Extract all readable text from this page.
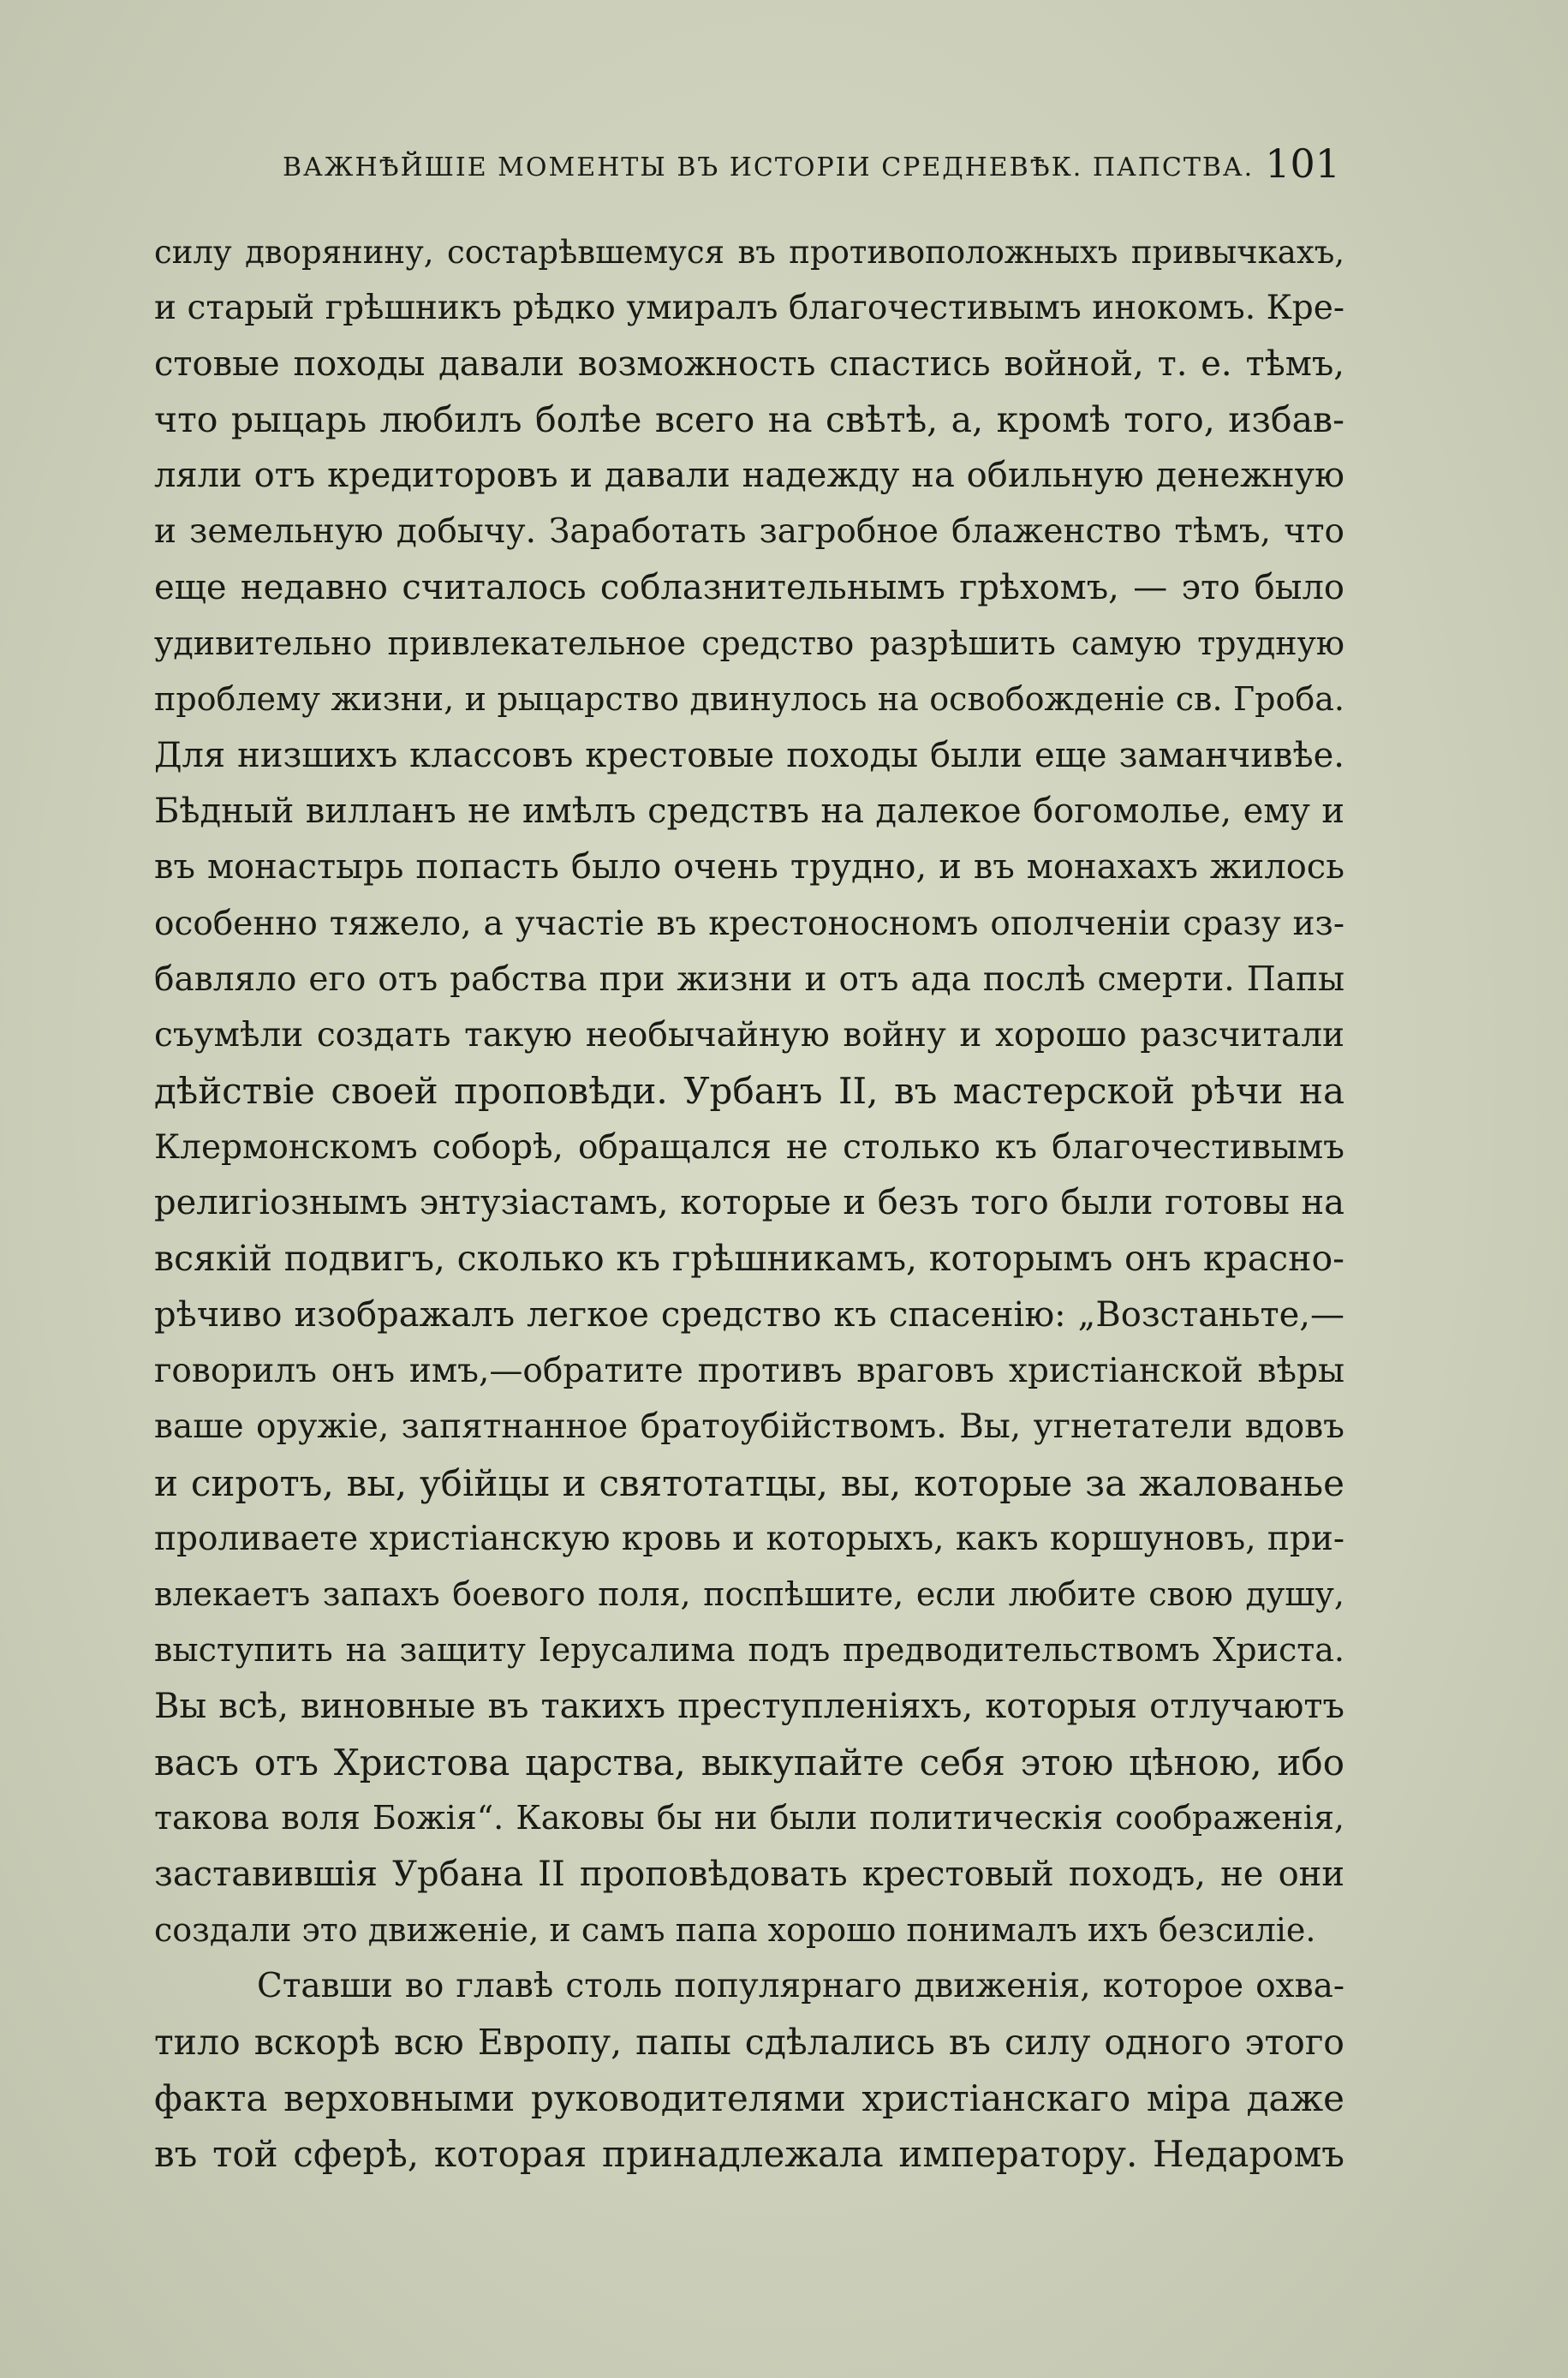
ВАЖНѢЙШІЕ МОМЕНТЫ ВЪ ИСТОРІИ СРЕДНЕВѢК. ПАПСТВА. 101
силу дворянину, состарѣвшемуся въ противоположныхъ привычкахъ,
и старый грѣшникъ рѣдко умиралъ благочестивымъ инокомъ. Кре-
стовые походы давали возможность спастись войной, т. е. тѣмъ,
что рыцарь любилъ болѣе всего на свѣтѣ, а, кромѣ того, избав-
ляли отъ кредиторовъ и давали надежду на обильную денежную
и земельную добычу. Заработать загробное блаженство тѣмъ, что
еще недавно считалось соблазнительнымъ грѣхомъ, — это было
удивительно привлекательное средство разрѣшить самую трудную
проблему жизни, и рыцарство двинулось на освобожденіе св. Гроба.
Для низшихъ классовъ крестовые походы были еще заманчивѣе.
Бѣдный вилланъ не имѣлъ средствъ на далекое богомолье, ему и
въ монастырь попасть было очень трудно, и въ монахахъ жилось
особенно тяжело, а участіе въ крестоносномъ ополченіи сразу из-
бавляло его отъ рабства при жизни и отъ ада послѣ смерти. Папы
съумѣли создать такую необычайную войну и хорошо разсчитали
дѣйствіе своей проповѣди. Урбанъ II, въ мастерской рѣчи на
Клермонскомъ соборѣ, обращался не столько къ благочестивымъ
религіознымъ энтузіастамъ, которые и безъ того были готовы на
всякій подвигъ, сколько къ грѣшникамъ, которымъ онъ красно-
рѣчиво изображалъ легкое средство къ спасенію: „Возстаньте,—
говорилъ онъ имъ,—обратите противъ враговъ христіанской вѣры
ваше оружіе, запятнанное братоубійствомъ. Вы, угнетатели вдовъ
и сиротъ, вы, убійцы и святотатцы, вы, которые за жалованье
проливаете христіанскую кровь и которыхъ, какъ коршуновъ, при-
влекаетъ запахъ боевого поля, поспѣшите, если любите свою душу,
выступить на защиту Іерусалима подъ предводительствомъ Христа.
Вы всѣ, виновные въ такихъ преступленіяхъ, которыя отлучаютъ
васъ отъ Христова царства, выкупайте себя этою цѣною, ибо
такова воля Божія“. Каковы бы ни были политическія соображенія,
заставившія Урбана II проповѣдовать крестовый походъ, не они
создали это движеніе, и самъ папа хорошо понималъ ихъ безсиліе.
Ставши во главѣ столь популярнаго движенія, которое охва-
тило вскорѣ всю Европу, папы сдѣлались въ силу одного этого
факта верховными руководителями христіанскаго міра даже
въ той сферѣ, которая принадлежала императору. Недаромъ
